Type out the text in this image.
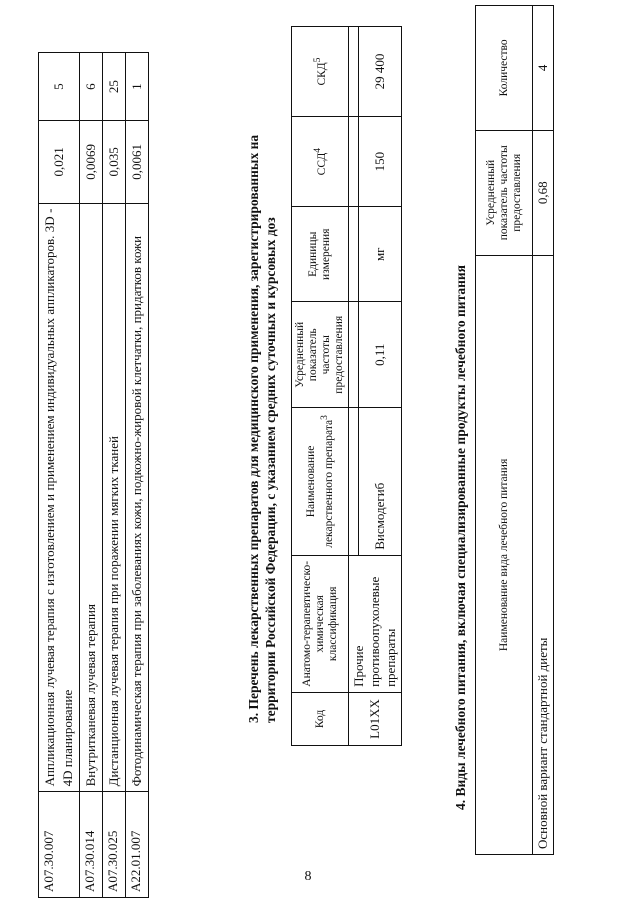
8
A07.30.007	Аппликационная лучевая терапия с изготовлением и применением индивидуальных аппликаторов. 3D - 4D планирование	0,021	5
A07.30.014	Внутритканевая лучевая терапия	0,0069	6
A07.30.025	Дистанционная лучевая терапия при поражении мягких тканей	0,035	25
A22.01.007	Фотодинамическая терапия при заболеваниях кожи, подкожно-жировой клетчатки, придатков кожи	0,0061	1
3. Перечень лекарственных препаратов для медицинского применения, зарегистрированных на территории Российской Федерации, с указанием средних суточных и курсовых доз	Код	Анатомо-терапевтическо-химическая классификация	Наименование лекарственного препарата$^3$	Усредненный показатель частоты предоставления	Единицы измерения	ССД$^4$	СКД$^5$
L01XX	Прочие противоопухолевые препараты					
		Висмодегиб	0,11	мг	150	29 400
4. Виды лечебного питания, включая специализированные продукты лечебного питания	Наименование вида лечебного питания	Усредненный показатель частоты предоставления	Количество
Основной вариант стандартной диеты	0,68	4
